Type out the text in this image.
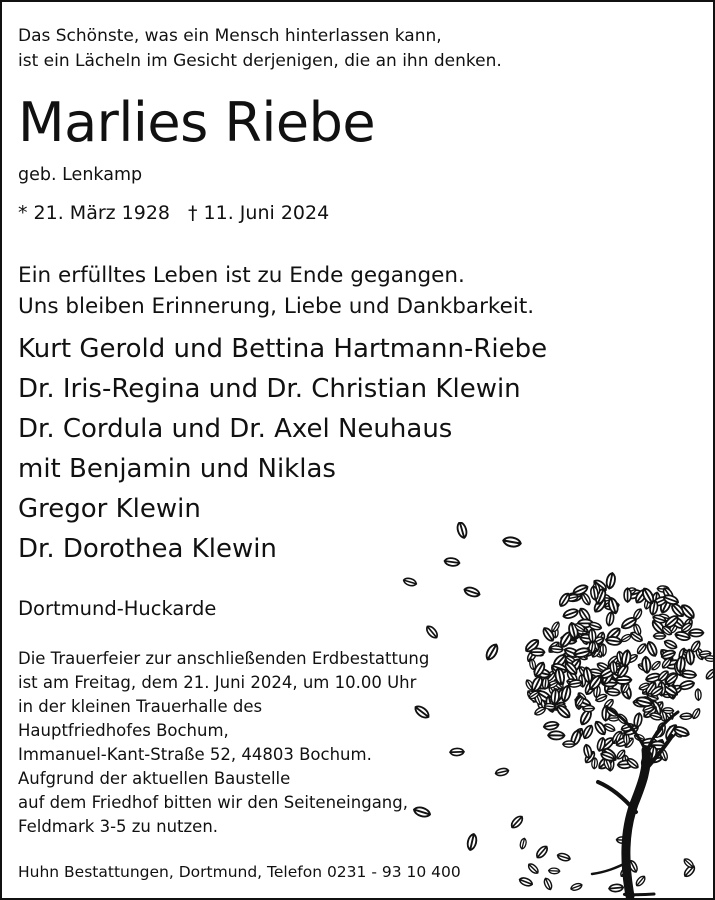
Das Schönste, was ein Mensch hinterlassen kann,
ist ein Lächeln im Gesicht derjenigen, die an ihn denken.
Marlies Riebe
geb. Lenkamp
* 21. März 1928 † 11. Juni 2024
Ein erfülltes Leben ist zu Ende gegangen.
Uns bleiben Erinnerung, Liebe und Dankbarkeit.
Kurt Gerold und Bettina Hartmann-Riebe
Dr. Iris-Regina und Dr. Christian Klewin
Dr. Cordula und Dr. Axel Neuhaus
mit Benjamin und Niklas
Gregor Klewin
Dr. Dorothea Klewin
Dortmund-Huckarde
Die Trauerfeier zur anschließenden Erdbestattung
ist am Freitag, dem 21. Juni 2024, um 10.00 Uhr
in der kleinen Trauerhalle des
Hauptfriedhofes Bochum,
Immanuel-Kant-Straße 52, 44803 Bochum.
Aufgrund der aktuellen Baustelle
auf dem Friedhof bitten wir den Seiteneingang,
Feldmark 3-5 zu nutzen.
Huhn Bestattungen, Dortmund, Telefon 0231 - 93 10 400
